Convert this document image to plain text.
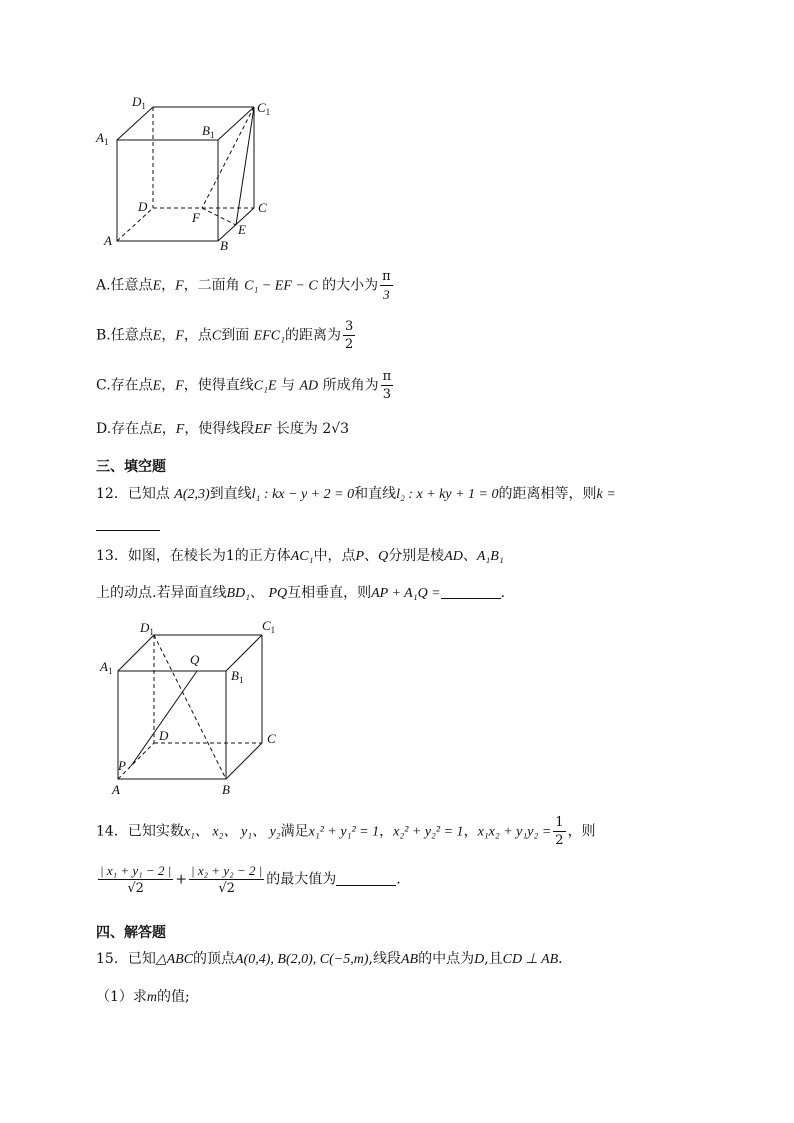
$D_1$	$C_1$
$A_1$
$B_1$
D	C
F
E
A	B
A.任意点E，F，二面角 C₁ − EF − C 的大小为 $\frac{\pi}{3}$
B.任意点E，F，点C到面 EFC₁的距离为 $\frac{3}{2}$
C.存在点E，F，使得直线C₁E 与 AD 所成角为 $\frac{\pi}{3}$
D.存在点E，F，使得线段EF 长度为 2√3
三、填空题
12．已知点 A(2,3)到直线l₁ : kx − y + 2 = 0和直线l₂ : x + ky + 1 = 0的距离相等，则k =
13．如图，在棱长为1的正方体AC₁中，点P、Q分别是棱AD、A₁B₁
上的动点.若异面直线BD₁、 PQ互相垂直，则AP + A₁Q =	.
$D_1$	$C_1$
$A_1$
Q
$B_1$
D	C
P
A	B
14．已知实数x₁、 x₂、 y₁、 y₂满足x₁² + y₁² = 1，x₂² + y₂² = 1，$x_1x_2 + y_1y_2 = \frac{1}{2}$ ，则
$\frac{\text{| x₁ + y₁ − 2 |}}{√2} + \frac{\text{| x₂ + y₂ − 2 |}}{√2}$ 的最大值为	.
四、解答题
15．已知△ABC的顶点A(0,4), B(2,0), C(−5,m),线段AB的中点为D,且CD ⊥ AB.
（1）求m的值;
